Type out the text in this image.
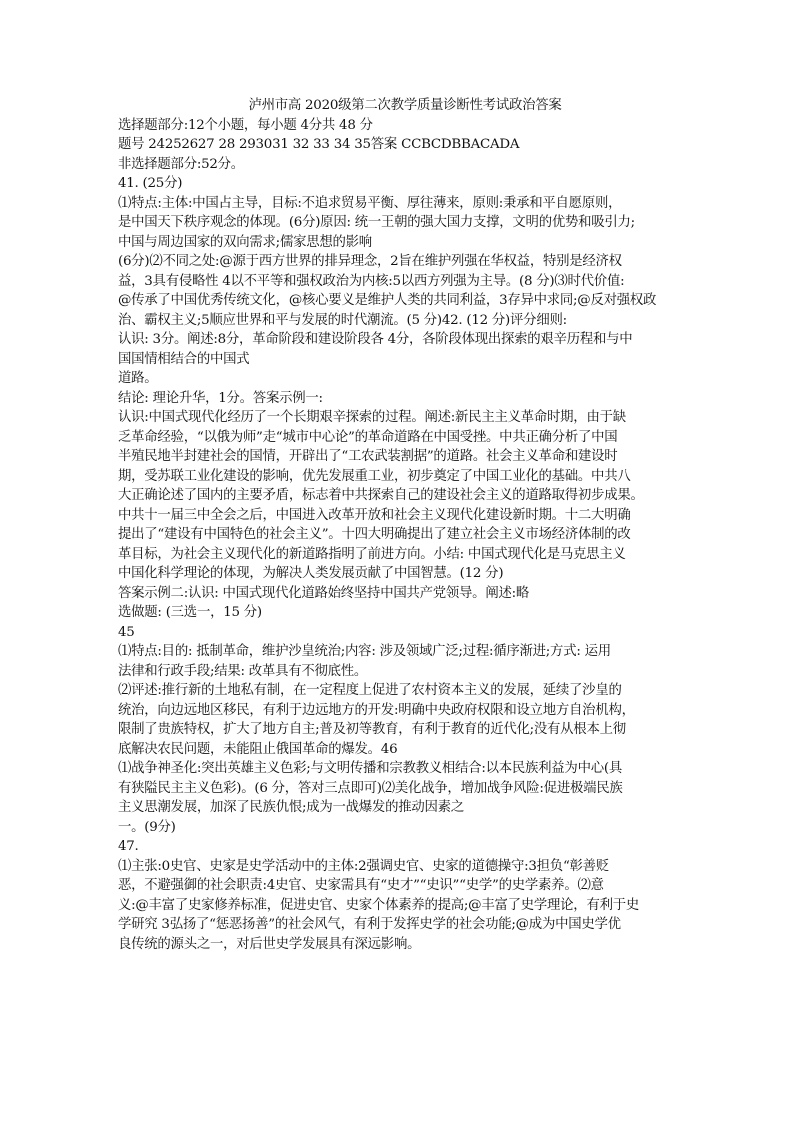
泸州市高 2020级第二次教学质量诊断性考试政治答案
选择题部分:12个小题，每小题 4分共 48 分
题号 24252627 28 293031 32 33 34 35答案 CCBCDBBACADA
非选择题部分:52分。
41. (25分)
⑴特点:主体:中国占主导，目标:不追求贸易平衡、厚往薄来，原则:秉承和平自愿原则，
是中国天下秩序观念的体现。(6分)原因: 统一王朝的强大国力支撑，文明的优势和吸引力;
中国与周边国家的双向需求;儒家思想的影响
(6分)⑵不同之处:@源于西方世界的排异理念，2旨在维护列强在华权益，特别是经济权
益，3具有侵略性 4以不平等和强权政治为内核:5以西方列强为主导。(8 分)⑶时代价值:
@传承了中国优秀传统文化，@核心要义是维护人类的共同利益，3存异中求同;@反对强权政
治、霸权主义;5顺应世界和平与发展的时代潮流。(5 分)42. (12 分)评分细则:
认识: 3分。阐述:8分，革命阶段和建设阶段各 4分，各阶段体现出探索的艰辛历程和与中
国国情相结合的中国式
道路。
结论: 理论升华，1分。答案示例一:
认识:中国式现代化经历了一个长期艰辛探索的过程。阐述:新民主主义革命时期，由于缺
乏革命经验，“以俄为师”走“城市中心论”的革命道路在中国受挫。中共正确分析了中国
半殖民地半封建社会的国情，开辟出了“工农武装割据”的道路。社会主义革命和建设时
期，受苏联工业化建设的影响，优先发展重工业，初步奠定了中国工业化的基础。中共八
大正确论述了国内的主要矛盾，标志着中共探索自己的建设社会主义的道路取得初步成果。
中共十一届三中全会之后，中国进入改革开放和社会主义现代化建设新时期。十二大明确
提出了“建设有中国特色的社会主义”。十四大明确提出了建立社会主义市场经济体制的改
革目标，为社会主义现代化的新道路指明了前进方向。小结: 中国式现代化是马克思主义
中国化科学理论的体现，为解决人类发展贡献了中国智慧。(12 分)
答案示例二:认识: 中国式现代化道路始终坚持中国共产党领导。阐述:略
选做题: (三选一，15 分)
45
⑴特点:目的: 抵制革命，维护沙皇统治;内容: 涉及领域广泛;过程:循序渐进;方式: 运用
法律和行政手段;结果: 改革具有不彻底性。
⑵评述:推行新的土地私有制，在一定程度上促进了农村资本主义的发展，延续了沙皇的
统治，向边远地区移民，有利于边远地方的开发:明确中央政府权限和设立地方自治机构，
限制了贵族特权，扩大了地方自主;普及初等教育，有利于教育的近代化;没有从根本上彻
底解决农民问题，未能阻止俄国革命的爆发。46
⑴战争神圣化:突出英雄主义色彩;与文明传播和宗教教义相结合:以本民族利益为中心(具
有狭隘民主主义色彩)。(6 分，答对三点即可)⑵美化战争，增加战争风险:促进极端民族
主义思潮发展，加深了民族仇恨;成为一战爆发的推动因素之
一。(9分)
47.
⑴主张:0史官、史家是史学活动中的主体:2强调史官、史家的道德操守:3担负“彰善贬
恶，不避强御的社会职责:4史官、史家需具有“史才”“史识”“史学”的史学素养。⑵意
义:@丰富了史家修养标准，促进史官、史家个体素养的提高;@丰富了史学理论，有利于史
学研究 3弘扬了“惩恶扬善”的社会风气，有利于发挥史学的社会功能;@成为中国史学优
良传统的源头之一，对后世史学发展具有深远影响。
